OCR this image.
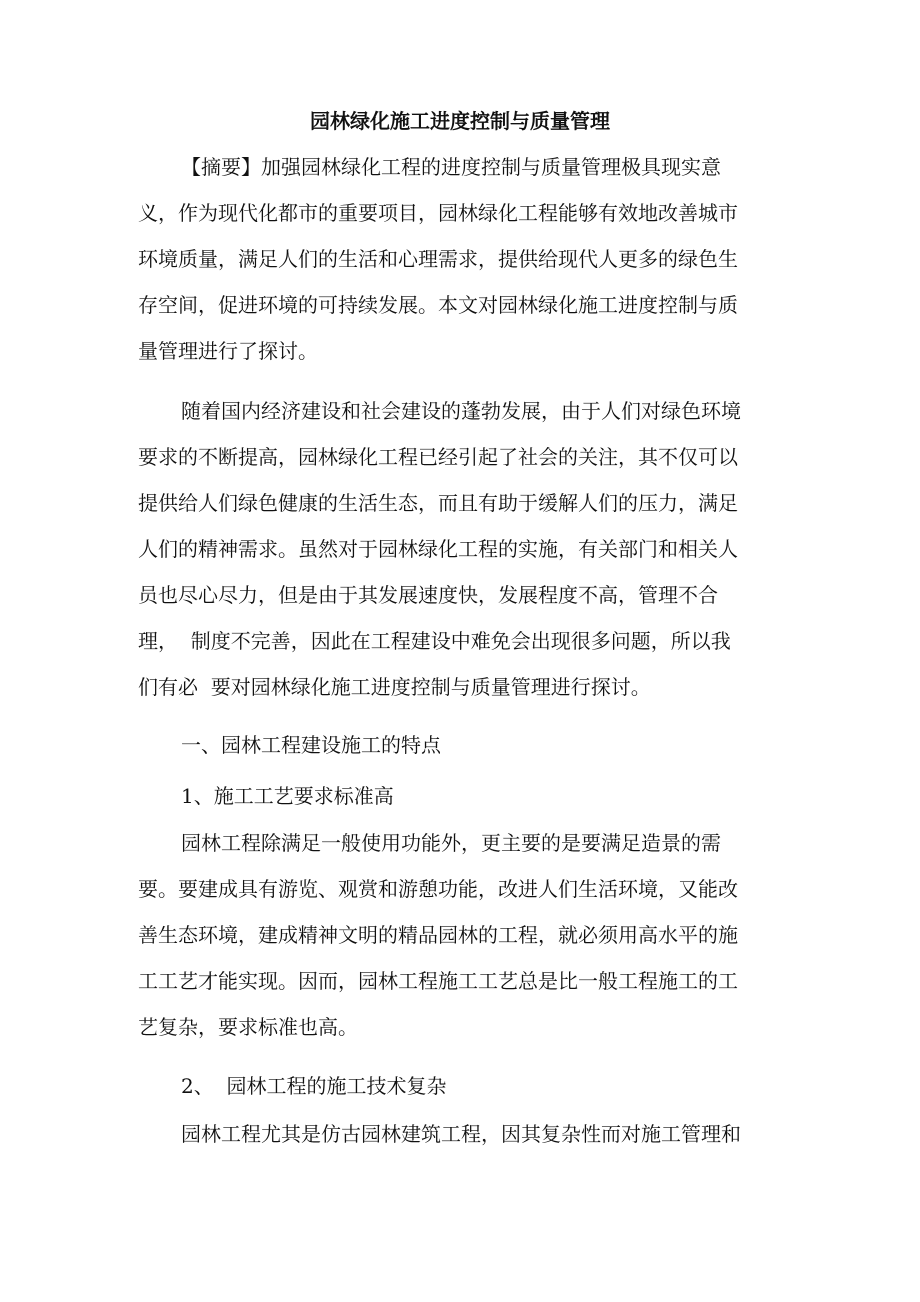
园林绿化施工进度控制与质量管理
【摘要】加强园林绿化工程的进度控制与质量管理极具现实意
义，作为现代化都市的重要项目，园林绿化工程能够有效地改善城市
环境质量，满足人们的生活和心理需求，提供给现代人更多的绿色生
存空间，促进环境的可持续发展。本文对园林绿化施工进度控制与质
量管理进行了探讨。
随着国内经济建设和社会建设的蓬勃发展，由于人们对绿色环境
要求的不断提高，园林绿化工程已经引起了社会的关注，其不仅可以
提供给人们绿色健康的生活生态，而且有助于缓解人们的压力，满足
人们的精神需求。虽然对于园林绿化工程的实施，有关部门和相关人
员也尽心尽力，但是由于其发展速度快，发展程度不高，管理不合
理，  制度不完善，因此在工程建设中难免会出现很多问题，所以我
们有必  要对园林绿化施工进度控制与质量管理进行探讨。
一、园林工程建设施工的特点
1、施工工艺要求标准高
园林工程除满足一般使用功能外，更主要的是要满足造景的需
要。要建成具有游览、观赏和游憩功能，改进人们生活环境，又能改
善生态环境，建成精神文明的精品园林的工程，就必须用高水平的施
工工艺才能实现。因而，园林工程施工工艺总是比一般工程施工的工
艺复杂，要求标准也高。
2、  园林工程的施工技术复杂
园林工程尤其是仿古园林建筑工程，因其复杂性而对施工管理和
